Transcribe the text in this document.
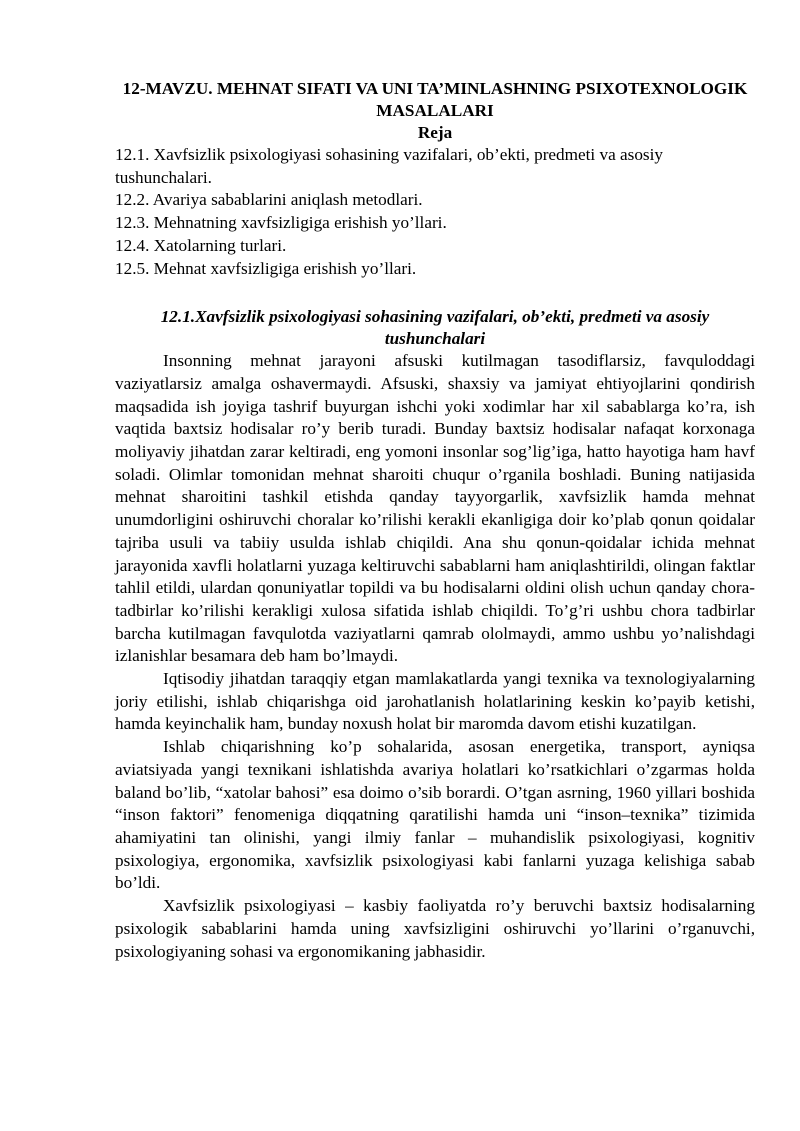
12-MAVZU. MEHNAT SIFATI VA UNI TA’MINLASHNING PSIXOTEXNOLOGIK MASALALARI

Reja

12.1. Xavfsizlik psixologiyasi sohasining vazifalari, ob’ekti, predmeti va asosiy tushunchalari.

12.2. Avariya sabablarini aniqlash metodlari.

12.3. Mehnatning xavfsizligiga erishish yo’llari.

12.4. Xatolarning turlari.

12.5. Mehnat xavfsizligiga erishish yo’llari.

12.1.Xavfsizlik psixologiyasi sohasining vazifalari, ob’ekti, predmeti va asosiy tushunchalari

Insonning mehnat jarayoni afsuski kutilmagan tasodiflarsiz, favquloddagi vaziyatlarsiz amalga oshavermaydi. Afsuski, shaxsiy va jamiyat ehtiyojlarini qondirish maqsadida ish joyiga tashrif buyurgan ishchi yoki xodimlar har xil sabablarga ko’ra, ish vaqtida baxtsiz hodisalar ro’y berib turadi. Bunday baxtsiz hodisalar nafaqat korxonaga moliyaviy jihatdan zarar keltiradi, eng yomoni insonlar sog’lig’iga, hatto hayotiga ham havf soladi. Olimlar tomonidan mehnat sharoiti chuqur o’rganila boshladi. Buning natijasida mehnat sharoitini tashkil etishda qanday tayyorgarlik, xavfsizlik hamda mehnat unumdorligini oshiruvchi choralar ko’rilishi kerakli ekanligiga doir ko’plab qonun qoidalar tajriba usuli va tabiiy usulda ishlab chiqildi. Ana shu qonun-qoidalar ichida mehnat jarayonida xavfli holatlarni yuzaga keltiruvchi sabablarni ham aniqlashtirildi, olingan faktlar tahlil etildi, ulardan qonuniyatlar topildi va bu hodisalarni oldini olish uchun qanday chora-tadbirlar ko’rilishi kerakligi xulosa sifatida ishlab chiqildi. To’g’ri ushbu chora tadbirlar barcha kutilmagan favqulotda vaziyatlarni qamrab ololmaydi, ammo ushbu yo’nalishdagi izlanishlar besamara deb ham bo’lmaydi.

Iqtisodiy jihatdan taraqqiy etgan mamlakatlarda yangi texnika va texnologiyalarning joriy etilishi, ishlab chiqarishga oid jarohatlanish holatlarining keskin ko’payib ketishi, hamda keyinchalik ham, bunday noxush holat bir maromda davom etishi kuzatilgan.

Ishlab chiqarishning ko’p sohalarida, asosan energetika, transport, ayniqsa aviatsiyada yangi texnikani ishlatishda avariya holatlari ko’rsatkichlari o’zgarmas holda baland bo’lib, “xatolar bahosi” esa doimo o’sib borardi. O’tgan asrning, 1960 yillari boshida “inson faktori” fenomeniga diqqatning qaratilishi hamda uni “inson–texnika” tizimida ahamiyatini tan olinishi, yangi ilmiy fanlar – muhandislik psixologiyasi, kognitiv psixologiya, ergonomika, xavfsizlik psixologiyasi kabi fanlarni yuzaga kelishiga sabab bo’ldi.

Xavfsizlik psixologiyasi – kasbiy faoliyatda ro’y beruvchi baxtsiz hodisalarning psixologik sabablarini hamda uning xavfsizligini oshiruvchi yo’llarini o’rganuvchi, psixologiyaning sohasi va ergonomikaning jabhasidir.
